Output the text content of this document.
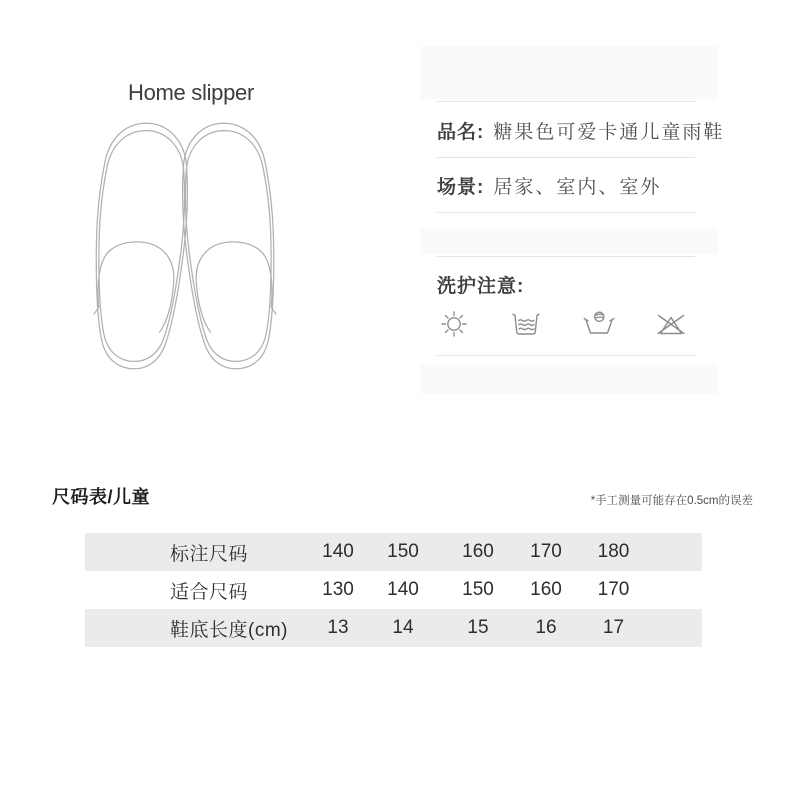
Home slipper
品名: 糖果色可爱卡通儿童雨鞋
场景: 居家、室内、室外
洗护注意:
尺码表/儿童	*手工测量可能存在0.5cm的误差
标注尺码	140	150	160	170	180
适合尺码	130	140	150	160	170
鞋底长度(cm)	13	14	15	16	17
